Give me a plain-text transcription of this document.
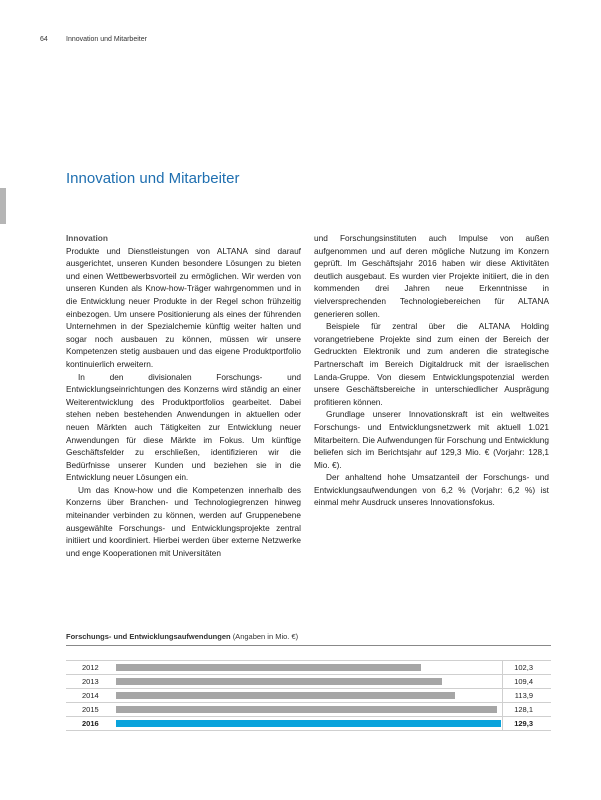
64	Innovation und Mitarbeiter
Innovation und Mitarbeiter
Innovation

Produkte und Dienstleistungen von ALTANA sind darauf ausgerichtet, unseren Kunden besondere Lösungen zu bieten und einen Wettbewerbsvorteil zu ermöglichen. Wir werden von unseren Kunden als Know-how-Träger wahrgenommen und in die Entwicklung neuer Produkte in der Regel schon frühzeitig einbezogen. Um unsere Positionierung als eines der führenden Unternehmen in der Spezialchemie künftig weiter halten und sogar noch ausbauen zu können, müssen wir unsere Kompetenzen stetig ausbauen und das eigene Produktportfolio kontinuierlich erweitern.

In den divisionalen Forschungs- und Entwicklungseinrichtungen des Konzerns wird ständig an einer Weiterentwicklung des Produktportfolios gearbeitet. Dabei stehen neben bestehenden Anwendungen in aktuellen oder neuen Märkten auch Tätigkeiten zur Entwicklung neuer Anwendungen für diese Märkte im Fokus. Um künftige Geschäftsfelder zu erschließen, identifizieren wir die Bedürfnisse unserer Kunden und beziehen sie in die Entwicklung neuer Lösungen ein.

Um das Know-how und die Kompetenzen innerhalb des Konzerns über Branchen- und Technologiegrenzen hinweg miteinander verbinden zu können, werden auf Gruppenebene ausgewählte Forschungs- und Entwicklungsprojekte zentral initiiert und koordiniert. Hierbei werden über externe Netzwerke und enge Kooperationen mit Universitäten

und Forschungsinstituten auch Impulse von außen aufgenommen und auf deren mögliche Nutzung im Konzern geprüft. Im Geschäftsjahr 2016 haben wir diese Aktivitäten deutlich ausgebaut. Es wurden vier Projekte initiiert, die in den kommenden drei Jahren neue Erkenntnisse in vielversprechenden Technologiebereichen für ALTANA generieren sollen.

Beispiele für zentral über die ALTANA Holding vorangetriebene Projekte sind zum einen der Bereich der Gedruckten Elektronik und zum anderen die strategische Partnerschaft im Bereich Digitaldruck mit der israelischen Landa-Gruppe. Von diesem Entwicklungspotenzial werden unsere Geschäftsbereiche in unterschiedlicher Ausprägung profitieren können.

Grundlage unserer Innovationskraft ist ein weltweites Forschungs- und Entwicklungsnetzwerk mit aktuell 1.021 Mitarbeitern. Die Aufwendungen für Forschung und Entwicklung beliefen sich im Berichtsjahr auf 129,3 Mio. € (Vorjahr: 128,1 Mio. €).

Der anhaltend hohe Umsatzanteil der Forschungs- und Entwicklungsaufwendungen von 6,2 % (Vorjahr: 6,2 %) ist einmal mehr Ausdruck unseres Innovationsfokus.

Forschungs- und Entwicklungsaufwendungen (Angaben in Mio. €)
2012	102,3
2013	109,4
2014	113,9
2015	128,1
2016	129,3
